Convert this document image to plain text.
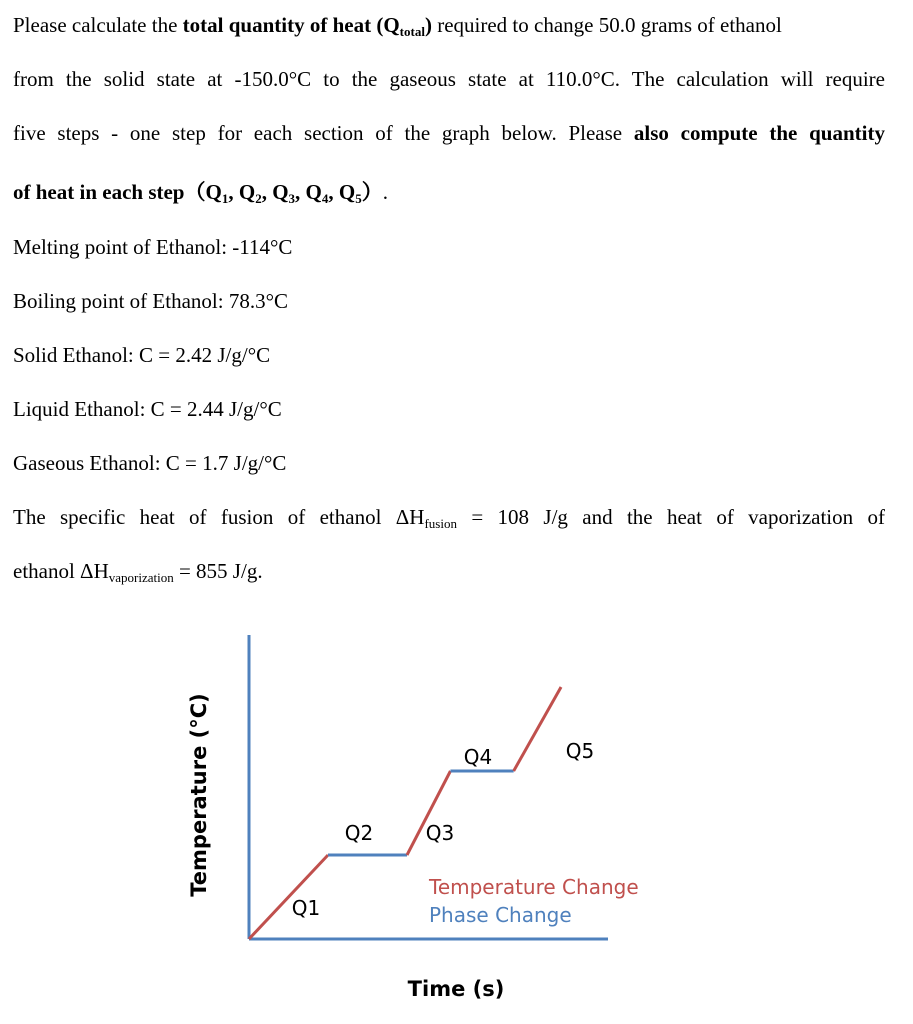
Please calculate the total quantity of heat $(Q_{total})$ required to change 50.0 grams of ethanol
from the solid state at -150.0°C to the gaseous state at 110.0°C. The calculation will require
five steps - one step for each section of the graph below. Please also compute the quantity
of heat in each $step(Q_1$, $Q_2$, $Q_3$, $Q_4$, $Q_5$）.
Melting point of Ethanol: -114°C
Boiling point of Ethanol: 78.3°C
Solid Ethanol: C = 2.42 J/g/°C
Liquid Ethanol: C = 2.44 J/g/°C
Gaseous Ethanol: C = 1.7 J/g/°C
The specific heat of fusion of ethanol $\Delta H_{fusion} = 108$ J/g and the heat of vaporization of
ethanol $\Delta H_{vaporization} = 855$ J/g.
Temperature (°C)
Time (s)
Q1
Q2	Q3
Q4	Q5
Temperature Change
Phase Change
